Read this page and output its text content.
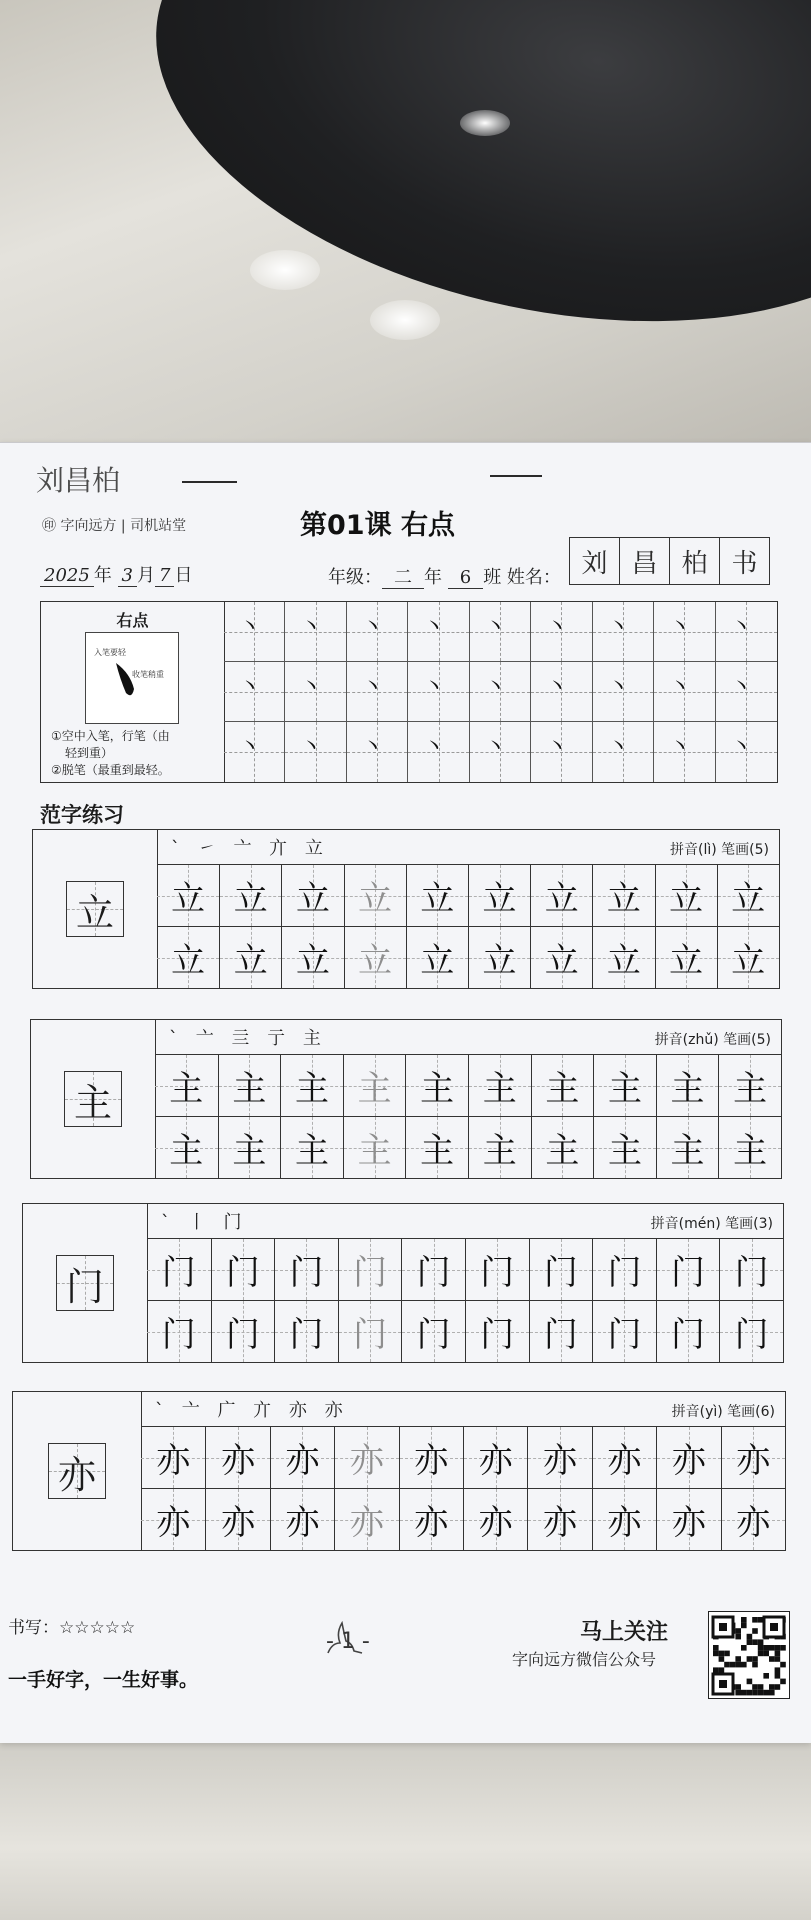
刘昌柏
㊞ 字向远方 | 司机站堂	第01课 右点
2025 年 3 月 7 日	年级： 二 年 6 班 姓名： 刘 昌 柏 书
右点
入笔要轻
收笔稍重
①空中入笔，行笔（由
轻到重）
②脱笔（最重到最轻。
丶 丶 丶 丶 丶 丶 丶 丶 丶
丶 丶 丶 丶 丶 丶 丶 丶 丶
丶 丶 丶 丶 丶 丶 丶 丶 丶
范字练习
立
` ㇀ 亠 亣 立	拼音(lì) 笔画(5)
立 立 立 立 立 立 立 立 立 立
立 立 立 立 立 立 立 立 立 立
主
` 亠 亖 亍 主	拼音(zhǔ) 笔画(5)
主 主 主 主 主 主 主 主 主 主
主 主 主 主 主 主 主 主 主 主
门
` 丨 门	拼音(mén) 笔画(3)
门 门 门 门 门 门 门 门 门 门
门 门 门 门 门 门 门 门 门 门
亦
` 亠 广 亣 亦 亦	拼音(yì) 笔画(6)
亦 亦 亦 亦 亦 亦 亦 亦 亦 亦
亦 亦 亦 亦 亦 亦 亦 亦 亦 亦
书写：☆☆☆☆☆
一手好字，一生好事。
- 1 -	马上关注
字向远方微信公众号
